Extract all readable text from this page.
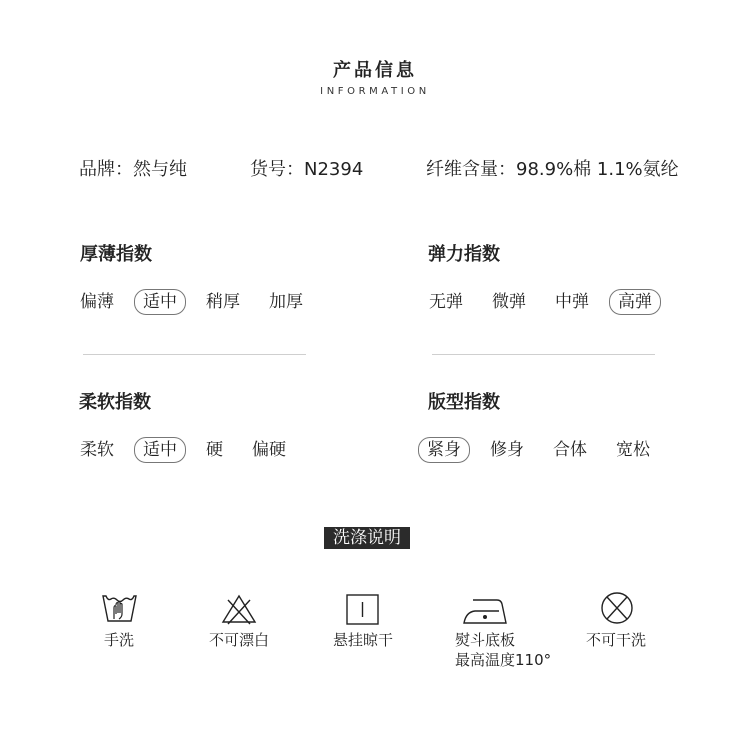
产品信息
INFORMATION
品牌：然与纯	货号：N2394	纤维含量：98.9%棉 1.1%氨纶
厚薄指数
偏薄	适中	稍厚	加厚
弹力指数
无弹	微弹	中弹	高弹
柔软指数
柔软	适中	硬	偏硬
版型指数
紧身	修身	合体	宽松
洗涤说明
手洗	不可漂白	悬挂晾干	熨斗底板
最高温度110°
不可干洗
